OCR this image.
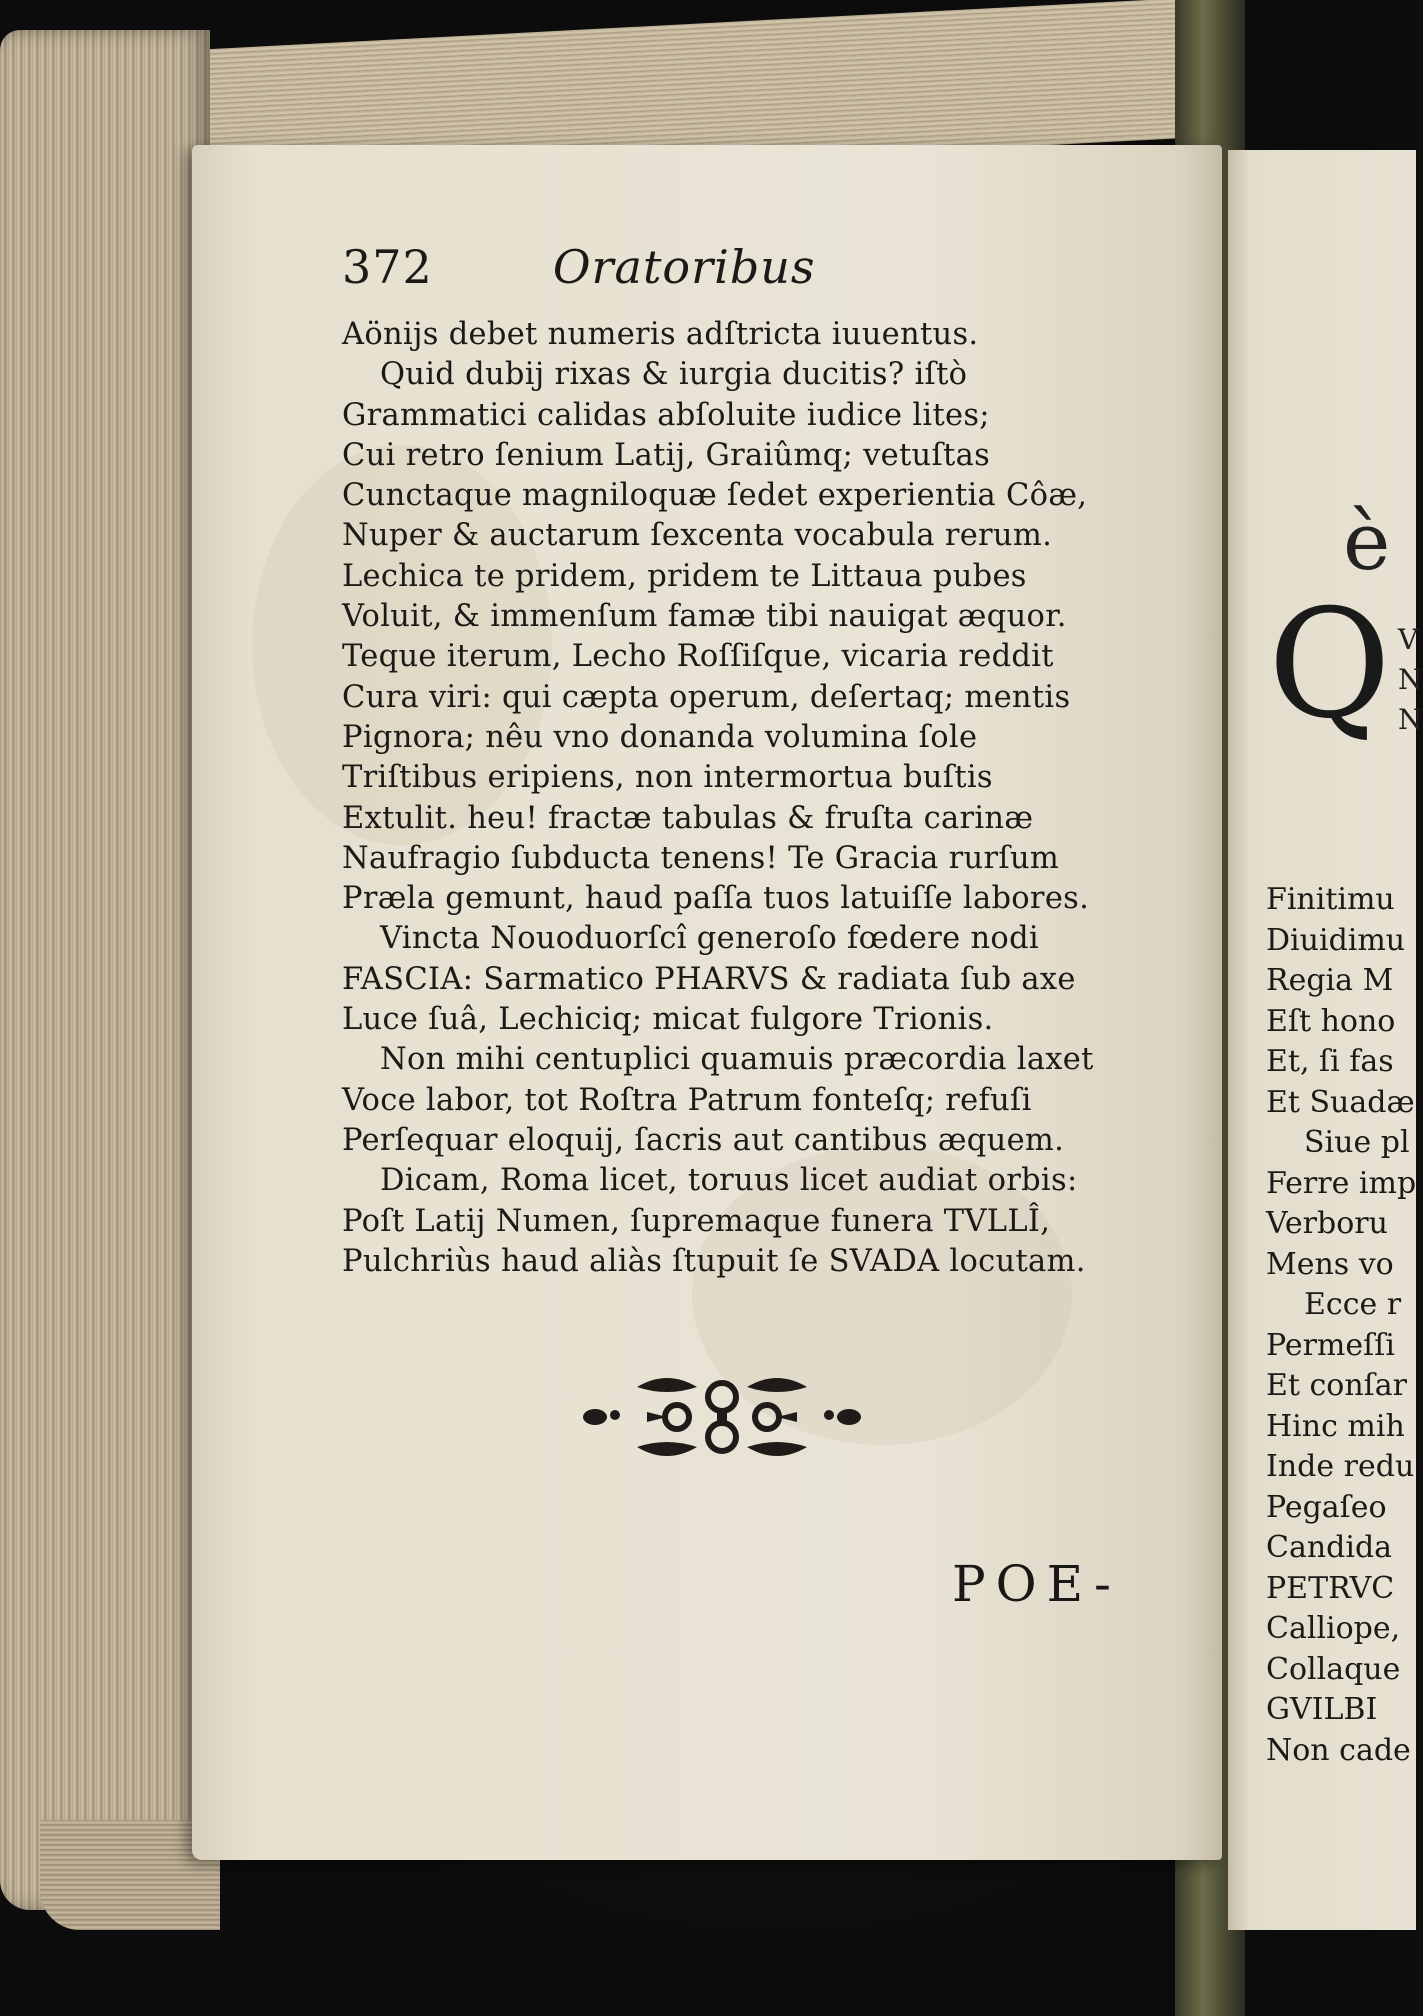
372	Oratoribus
Aönijs debet numeris adſtricta iuuentus.
Quid dubij rixas & iurgia ducitis? iſtò
Grammatici calidas abſoluite iudice lites;
Cui retro ſenium Latij, Graiûmq; vetuſtas
Cunctaque magniloquæ ſedet experientia Côæ,
Nuper & auctarum ſexcenta vocabula rerum.
Lechica te pridem, pridem te Littaua pubes
Voluit, & immenſum famæ tibi nauigat æquor.
Teque iterum, Lecho Roſſiſque, vicaria reddit
Cura viri: qui cæpta operum, deſertaq; mentis
Pignora; nêu vno donanda volumina ſole
Triſtibus eripiens, non intermortua buſtis
Extulit. heu! fractæ tabulas & fruſta carinæ
Naufragio ſubducta tenens! Te Gracia rurſum
Præla gemunt, haud paſſa tuos latuiſſe labores.
Vincta Nouoduorſcî generoſo fœdere nodi
FASCIA: Sarmatico PHARVS & radiata ſub axe
Luce ſuâ, Lechiciq; micat fulgore Trionis.
Non mihi centuplici quamuis præcordia laxet
Voce labor, tot Roſtra Patrum fonteſq; refuſi
Perſequar eloquij, ſacris aut cantibus æquem.
Dicam, Roma licet, toruus licet audiat orbis:
Poſt Latij Numen, ſupremaque funera TVLLÎ,
Pulchriùs haud aliàs ſtupuit ſe SVADA locutam.
POE-
è
Q V
N
N
Finitimu
Diuidimu
Regia M
Eſt hono
Et, ſi fas
Et Suadæ
Siue pl
Ferre imp
Verboru
Mens vo
Ecce r
Permeſſi
Et conſar
Hinc mih
Inde redu
Pegaſeo
Candida
PETRVC
Calliope,
Collaque
GVILBI
Non cade
